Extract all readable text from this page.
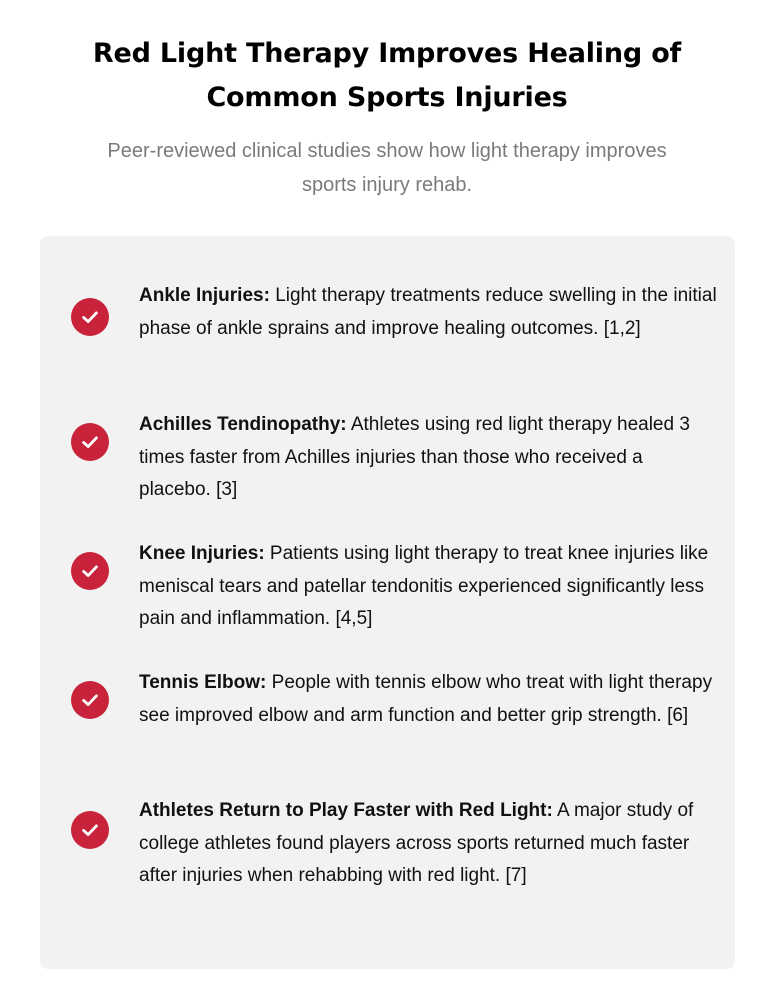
Red Light Therapy Improves Healing of Common Sports Injuries

Peer-reviewed clinical studies show how light therapy improves sports injury rehab.

Ankle Injuries: Light therapy treatments reduce swelling in the initial phase of ankle sprains and improve healing outcomes. [1,2]

Achilles Tendinopathy: Athletes using red light therapy healed 3 times faster from Achilles injuries than those who received a placebo. [3]

Knee Injuries: Patients using light therapy to treat knee injuries like meniscal tears and patellar tendonitis experienced significantly less pain and inflammation. [4,5]

Tennis Elbow: People with tennis elbow who treat with light therapy see improved elbow and arm function and better grip strength. [6]

Athletes Return to Play Faster with Red Light: A major study of college athletes found players across sports returned much faster after injuries when rehabbing with red light. [7]
